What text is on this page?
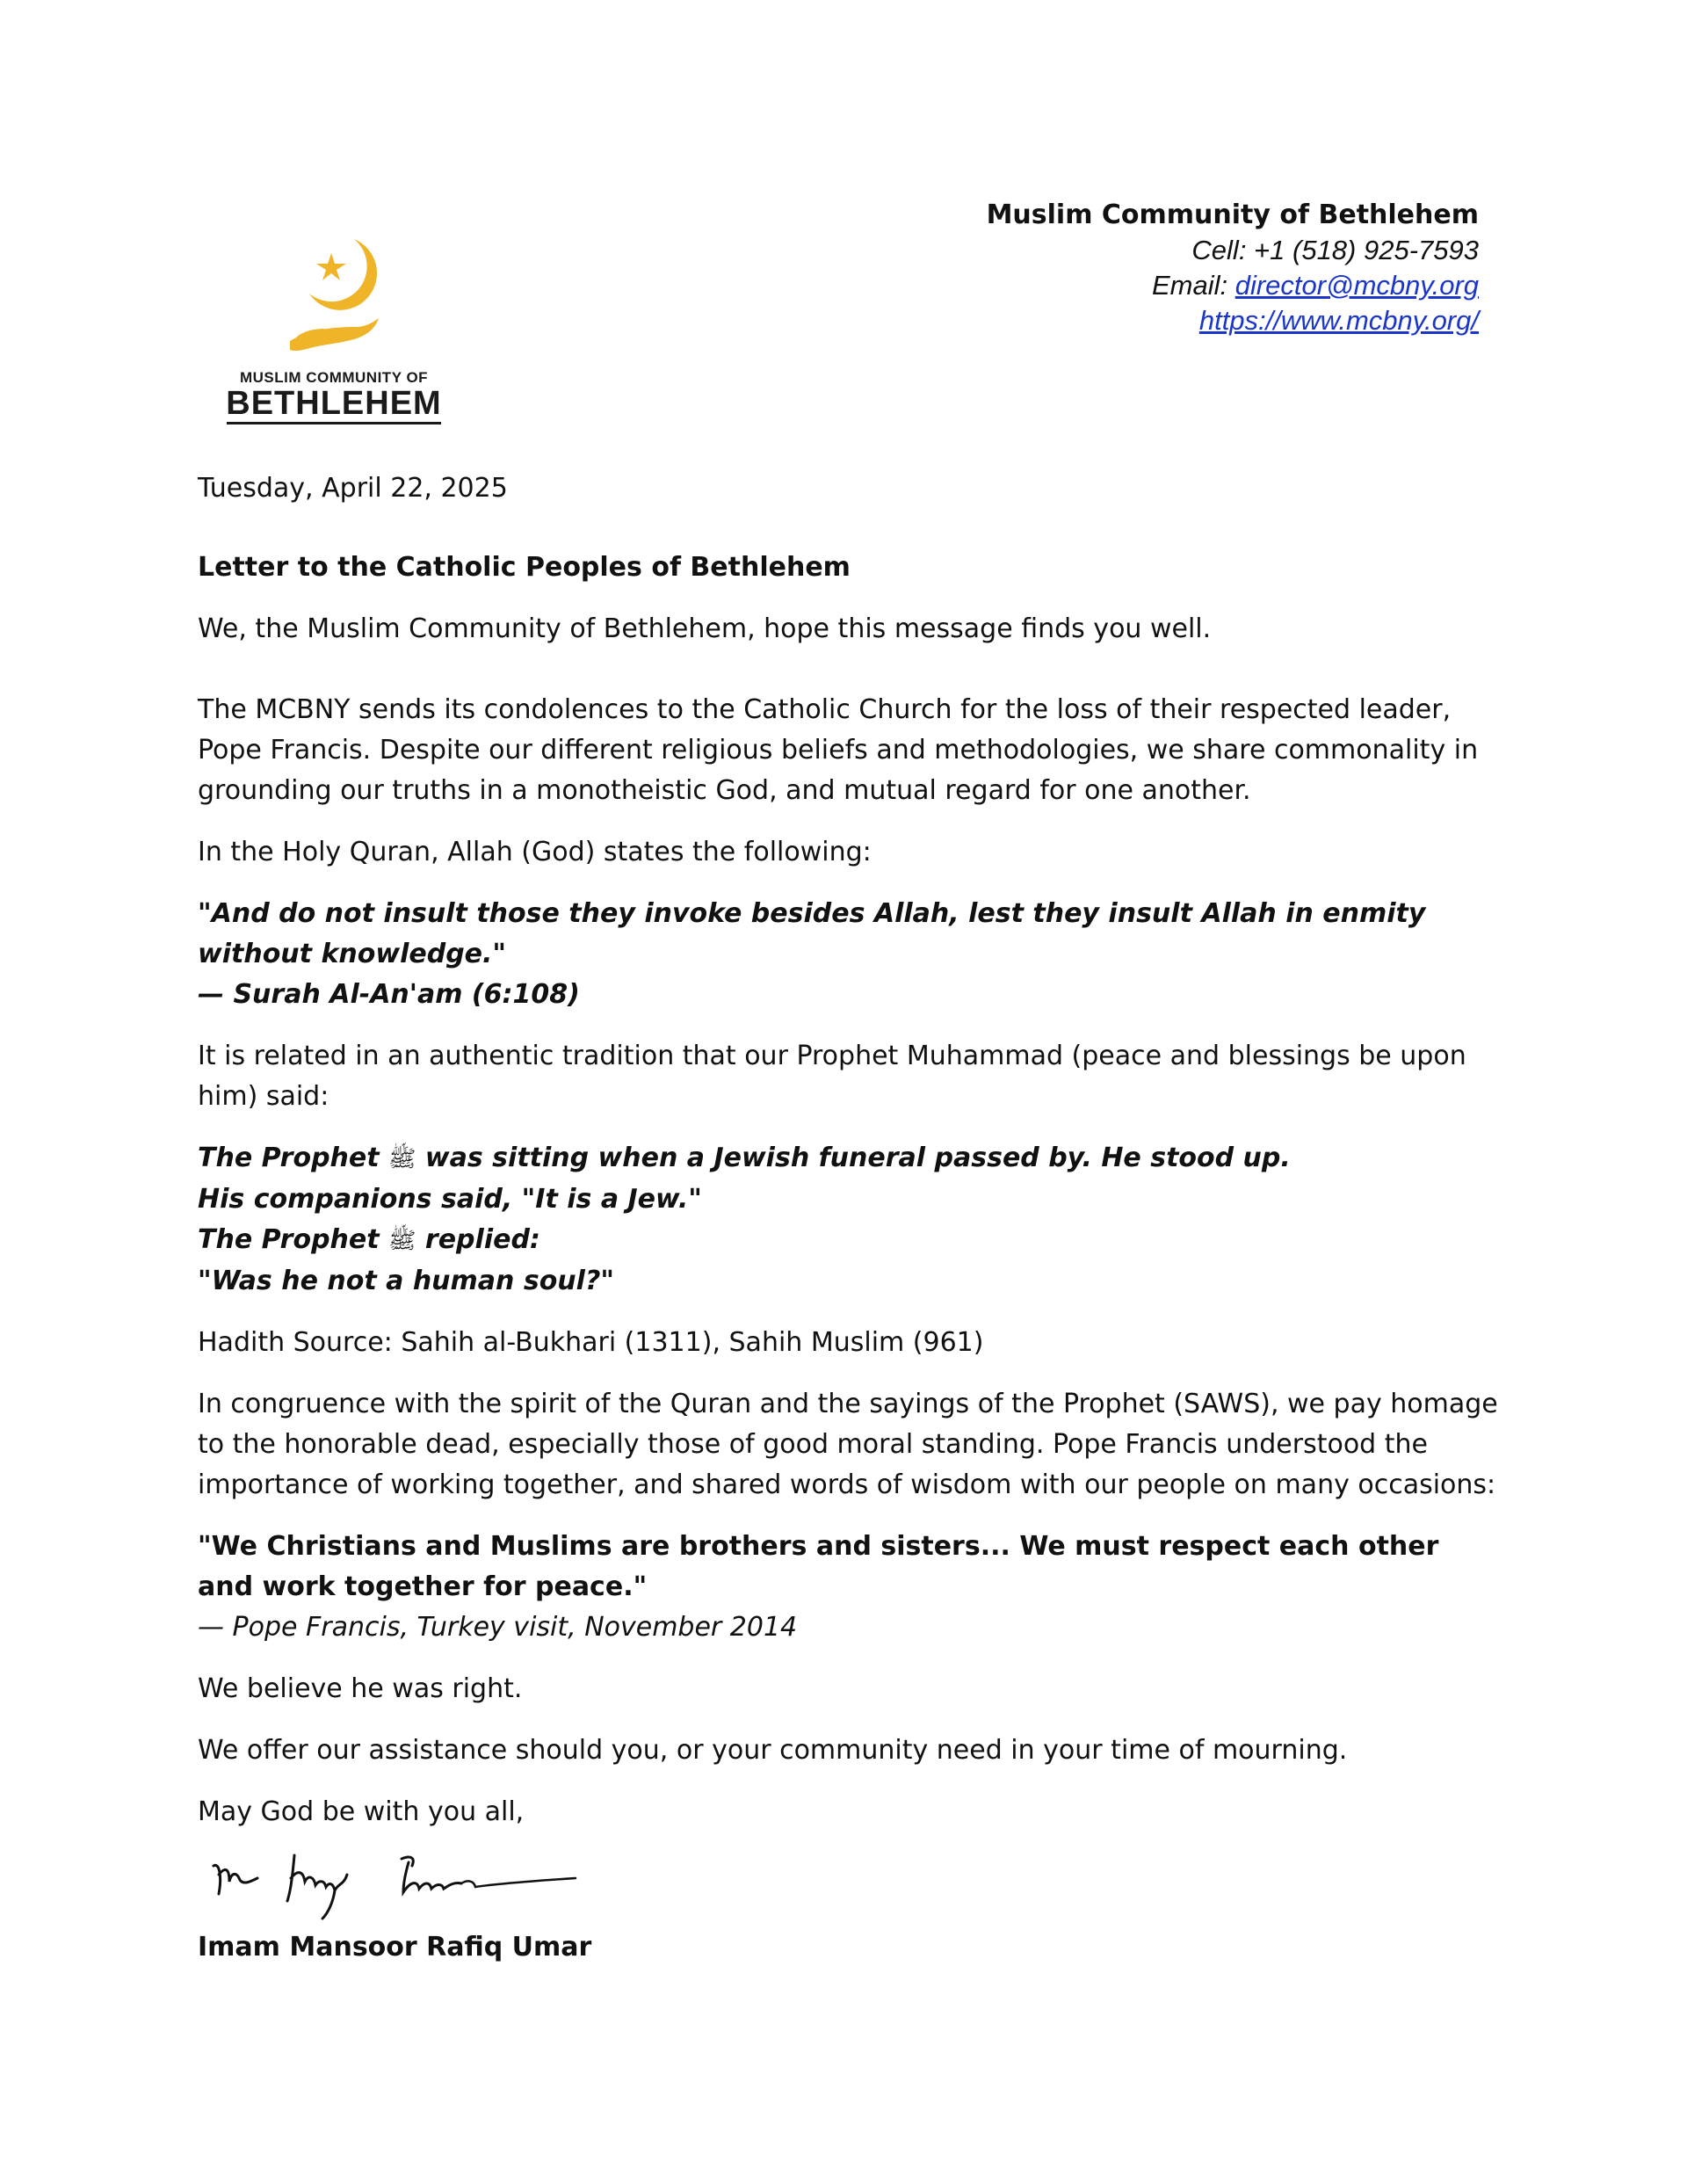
MUSLIM COMMUNITY OF
BETHLEHEM
Muslim Community of Bethlehem
Cell: +1 (518) 925-7593
Email: director@mcbny.org
https://www.mcbny.org/

Tuesday, April 22, 2025

Letter to the Catholic Peoples of Bethlehem

We, the Muslim Community of Bethlehem, hope this message finds you well.

The MCBNY sends its condolences to the Catholic Church for the loss of their respected leader, Pope Francis. Despite our different religious beliefs and methodologies, we share commonality in grounding our truths in a monotheistic God, and mutual regard for one another.

In the Holy Quran, Allah (God) states the following:

"And do not insult those they invoke besides Allah, lest they insult Allah in enmity without knowledge."

— Surah Al-An'am (6:108)

It is related in an authentic tradition that our Prophet Muhammad (peace and blessings be upon him) said:

The Prophet ﷺ was sitting when a Jewish funeral passed by. He stood up.
His companions said, "It is a Jew."
The Prophet ﷺ replied:
"Was he not a human soul?"

Hadith Source: Sahih al-Bukhari (1311), Sahih Muslim (961)

In congruence with the spirit of the Quran and the sayings of the Prophet (SAWS), we pay homage to the honorable dead, especially those of good moral standing. Pope Francis understood the importance of working together, and shared words of wisdom with our people on many occasions:

"We Christians and Muslims are brothers and sisters... We must respect each other and work together for peace."

— Pope Francis, Turkey visit, November 2014

We believe he was right.

We offer our assistance should you, or your community need in your time of mourning.

May God be with you all,

Imam Mansoor Rafiq Umar
